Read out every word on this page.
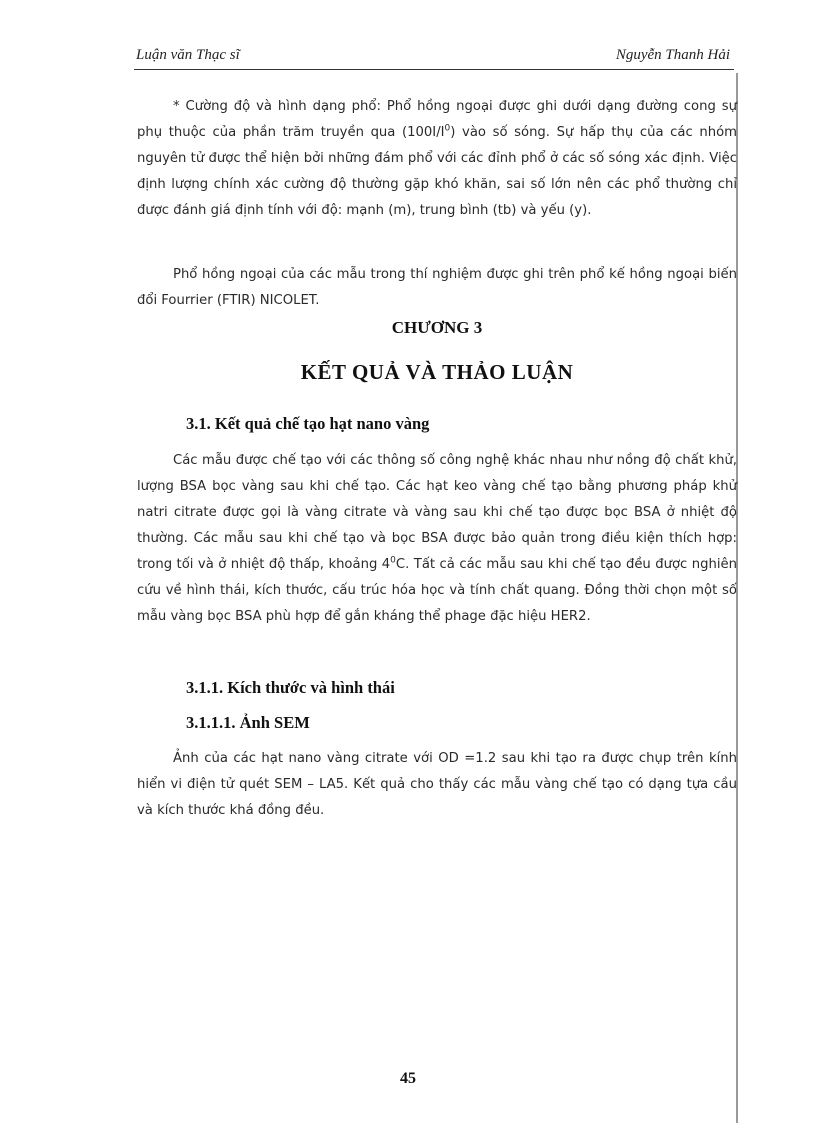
Luận văn Thạc sĩ	Nguyễn Thanh Hải

* Cường độ và hình dạng phổ: Phổ hồng ngoại được ghi dưới dạng đường cong sự phụ thuộc của phần trăm truyền qua $(100I/I^0)$ vào số sóng. Sự hấp thụ của các nhóm nguyên tử được thể hiện bởi những đám phổ với các đỉnh phổ ở các số sóng xác định. Việc định lượng chính xác cường độ thường gặp khó khăn, sai số lớn nên các phổ thường chỉ được đánh giá định tính với độ: mạnh (m), trung bình (tb) và yếu (y).

Phổ hồng ngoại của các mẫu trong thí nghiệm được ghi trên phổ kế hồng ngoại biến đổi Fourrier (FTIR) NICOLET.

CHƯƠNG 3
KẾT QUẢ VÀ THẢO LUẬN
3.1. Kết quả chế tạo hạt nano vàng

Các mẫu được chế tạo với các thông số công nghệ khác nhau như nồng độ chất khử, lượng BSA bọc vàng sau khi chế tạo. Các hạt keo vàng chế tạo bằng phương pháp khử natri citrate được gọi là vàng citrate và vàng sau khi chế tạo được bọc BSA ở nhiệt độ thường. Các mẫu sau khi chế tạo và bọc BSA được bảo quản trong điều kiện thích hợp: trong tối và ở nhiệt độ thấp, khoảng $4^0C$. Tất cả các mẫu sau khi chế tạo đều được nghiên cứu về hình thái, kích thước, cấu trúc hóa học và tính chất quang. Đồng thời chọn một số mẫu vàng bọc BSA phù hợp để gắn kháng thể phage đặc hiệu HER2.

3.1.1. Kích thước và hình thái
3.1.1.1. Ảnh SEM

Ảnh của các hạt nano vàng citrate với OD =1.2 sau khi tạo ra được chụp trên kính hiển vi điện tử quét SEM – LA5. Kết quả cho thấy các mẫu vàng chế tạo có dạng tựa cầu và kích thước khá đồng đều.

45
